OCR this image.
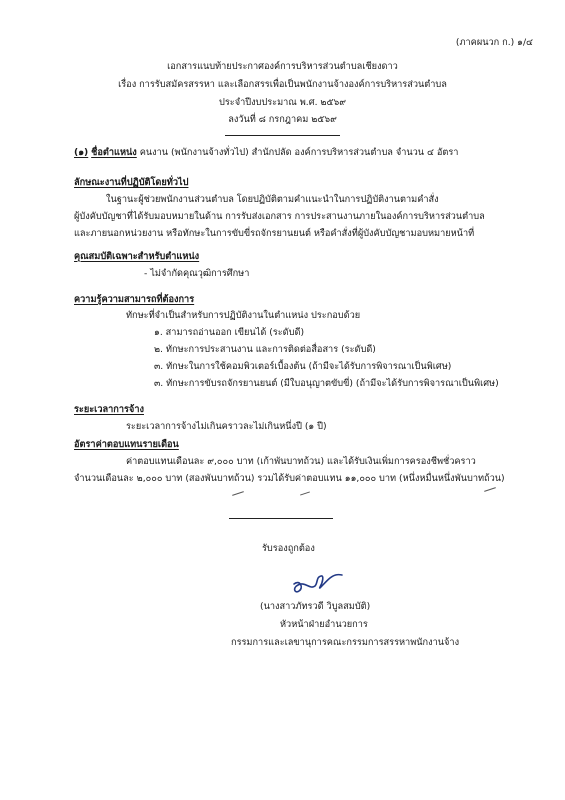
(ภาคผนวก ก.) ๑/๔
เอกสารแนบท้ายประกาศองค์การบริหารส่วนตำบลเชียงดาว
เรื่อง การรับสมัครสรรหา และเลือกสรรเพื่อเป็นพนักงานจ้างองค์การบริหารส่วนตำบล
ประจำปีงบประมาณ พ.ศ. ๒๕๖๙
ลงวันที่ ๘ กรกฎาคม ๒๕๖๙
(๑) ชื่อตำแหน่ง คนงาน (พนักงานจ้างทั่วไป) สำนักปลัด องค์การบริหารส่วนตำบล จำนวน ๔ อัตรา
ลักษณะงานที่ปฏิบัติโดยทั่วไป
ในฐานะผู้ช่วยพนักงานส่วนตำบล โดยปฏิบัติตามคำแนะนำในการปฏิบัติงานตามคำสั่ง
ผู้บังคับบัญชาที่ได้รับมอบหมายในด้าน การรับส่งเอกสาร การประสานงานภายในองค์การบริหารส่วนตำบล
และภายนอกหน่วยงาน หรือทักษะในการขับขี่รถจักรยานยนต์ หรือคำสั่งที่ผู้บังคับบัญชามอบหมายหน้าที่
คุณสมบัติเฉพาะสำหรับตำแหน่ง
- ไม่จำกัดคุณวุฒิการศึกษา
ความรู้ความสามารถที่ต้องการ
ทักษะที่จำเป็นสำหรับการปฏิบัติงานในตำแหน่ง ประกอบด้วย
๑. สามารถอ่านออก เขียนได้ (ระดับดี)
๒. ทักษะการประสานงาน และการติดต่อสื่อสาร (ระดับดี)
๓. ทักษะในการใช้คอมพิวเตอร์เบื้องต้น (ถ้ามีจะได้รับการพิจารณาเป็นพิเศษ)
๓. ทักษะการขับรถจักรยานยนต์ (มีใบอนุญาตขับขี่) (ถ้ามีจะได้รับการพิจารณาเป็นพิเศษ)
ระยะเวลาการจ้าง
ระยะเวลาการจ้างไม่เกินคราวละไม่เกินหนึ่งปี (๑ ปี)
อัตราค่าตอบแทนรายเดือน
ค่าตอบแทนเดือนละ ๙,๐๐๐ บาท (เก้าพันบาทถ้วน) และได้รับเงินเพิ่มการครองชีพชั่วคราว
จำนวนเดือนละ ๒,๐๐๐ บาท (สองพันบาทถ้วน) รวมได้รับค่าตอบแทน ๑๑,๐๐๐ บาท (หนึ่งหมื่นหนึ่งพันบาทถ้วน)
รับรองถูกต้อง
(นางสาวภัทรวดี วิบูลสมบัติ)
หัวหน้าฝ่ายอำนวยการ
กรรมการและเลขานุการคณะกรรมการสรรหาพนักงานจ้าง
